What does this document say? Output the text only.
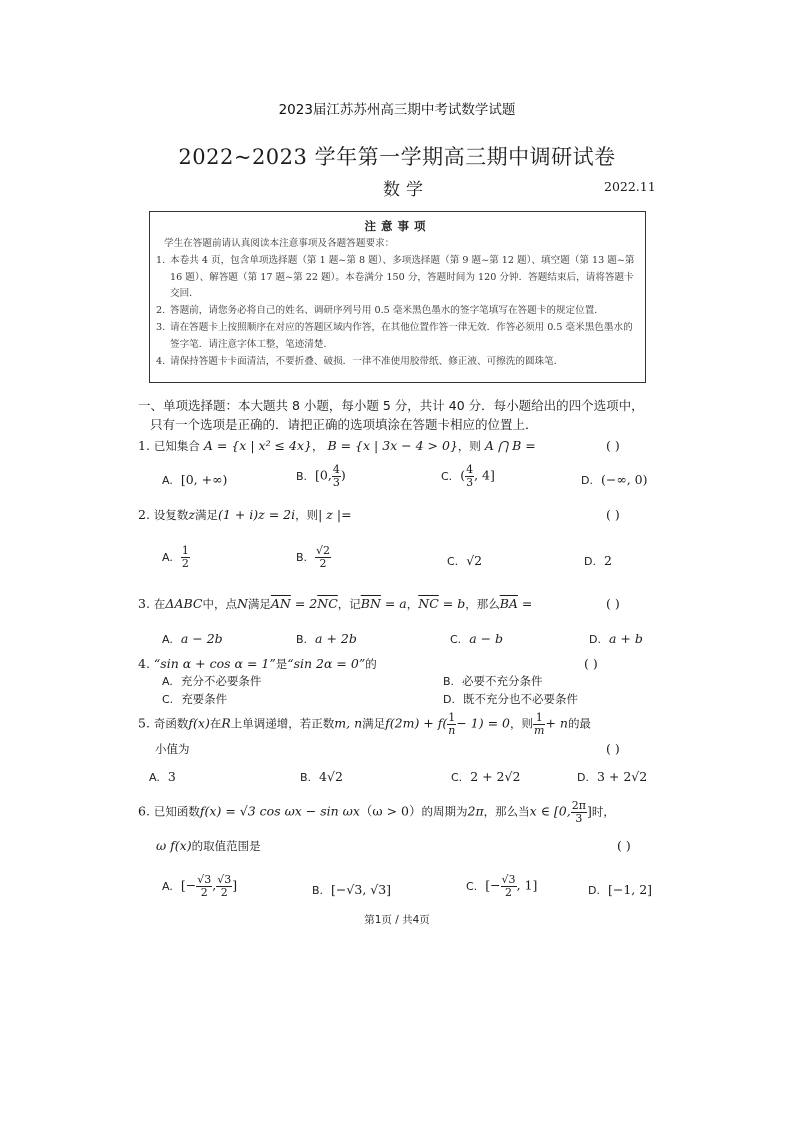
2023届江苏苏州高三期中考试数学试题
2022~2023 学年第一学期高三期中调研试卷
数学	2022.11
注意事项
学生在答题前请认真阅读本注意事项及各题答题要求：
1. 本卷共 4 页，包含单项选择题（第 1 题~第 8 题）、多项选择题（第 9 题~第 12 题）、填空题（第 13 题~第 16 题）、解答题（第 17 题~第 22 题）。本卷满分 150 分，答题时间为 120 分钟．答题结束后，请将答题卡交回．
2. 答题前，请您务必将自己的姓名、调研序列号用 0.5 毫米黑色墨水的签字笔填写在答题卡的规定位置．
3. 请在答题卡上按照顺序在对应的答题区域内作答，在其他位置作答一律无效．作答必须用 0.5 毫米黑色墨水的签字笔．请注意字体工整，笔迹清楚．
4. 请保持答题卡卡面清洁，不要折叠、破损．一律不准使用胶带纸、修正液、可擦洗的圆珠笔．
一、单项选择题：本大题共 8 小题，每小题 5 分，共计 40 分．每小题给出的四个选项中，
只有一个选项是正确的．请把正确的选项填涂在答题卡相应的位置上．
1. 已知集合 A = {x | x² ≤ 4x}， B = {x | 3x − 4 > 0}，则 A ⋂ B =	( )
A. [0, +∞)	B. [0, $\frac{4}{3}$ )	C. ( $\frac{4}{3}$ , 4]	D. (−∞, 0)
2. 设复数z满足(1 + i)z = 2i，则| z |=	( )
A. $\frac{1}{2}$	B. $\frac{√2}{2}$	C. √2	D. 2
3. 在ΔABC中，点N满足$\overline{AN} = 2\overline{NC}$，记$\overline{BN} = a$，$\overline{NC} = b$，那么$\overline{BA}$ =	( )
A. a − 2b	B. a + 2b	C. a − b	D. a + b
4. “sin α + cos α = 1”是“sin 2α = 0”的	( )
A. 充分不必要条件	B. 必要不充分条件
C. 充要条件	D. 既不充分也不必要条件
5. 奇函数f(x)在R上单调递增，若正数m, n满足$f(2m) + f( \frac{1}{n} - 1) = 0$，则 $\frac{1}{m} + n$的最
小值为	( )
A. 3	B. 4√2	C. 2 + 2√2	D. 3 + 2√2
6. 已知函数f(x) = √3 cos ωx − sin ωx（ω > 0）的周期为2π，那么当x ∈ [0, $\frac{2\pi}{3}$ ]时，
ω f(x)的取值范围是	( )
A. [− $\frac{√3}{2}$ , $\frac{√3}{2}$ ]	B. [−√3, √3]	C. [− $\frac{√3}{2}$ , 1]	D. [−1, 2]
第1页 / 共4页
